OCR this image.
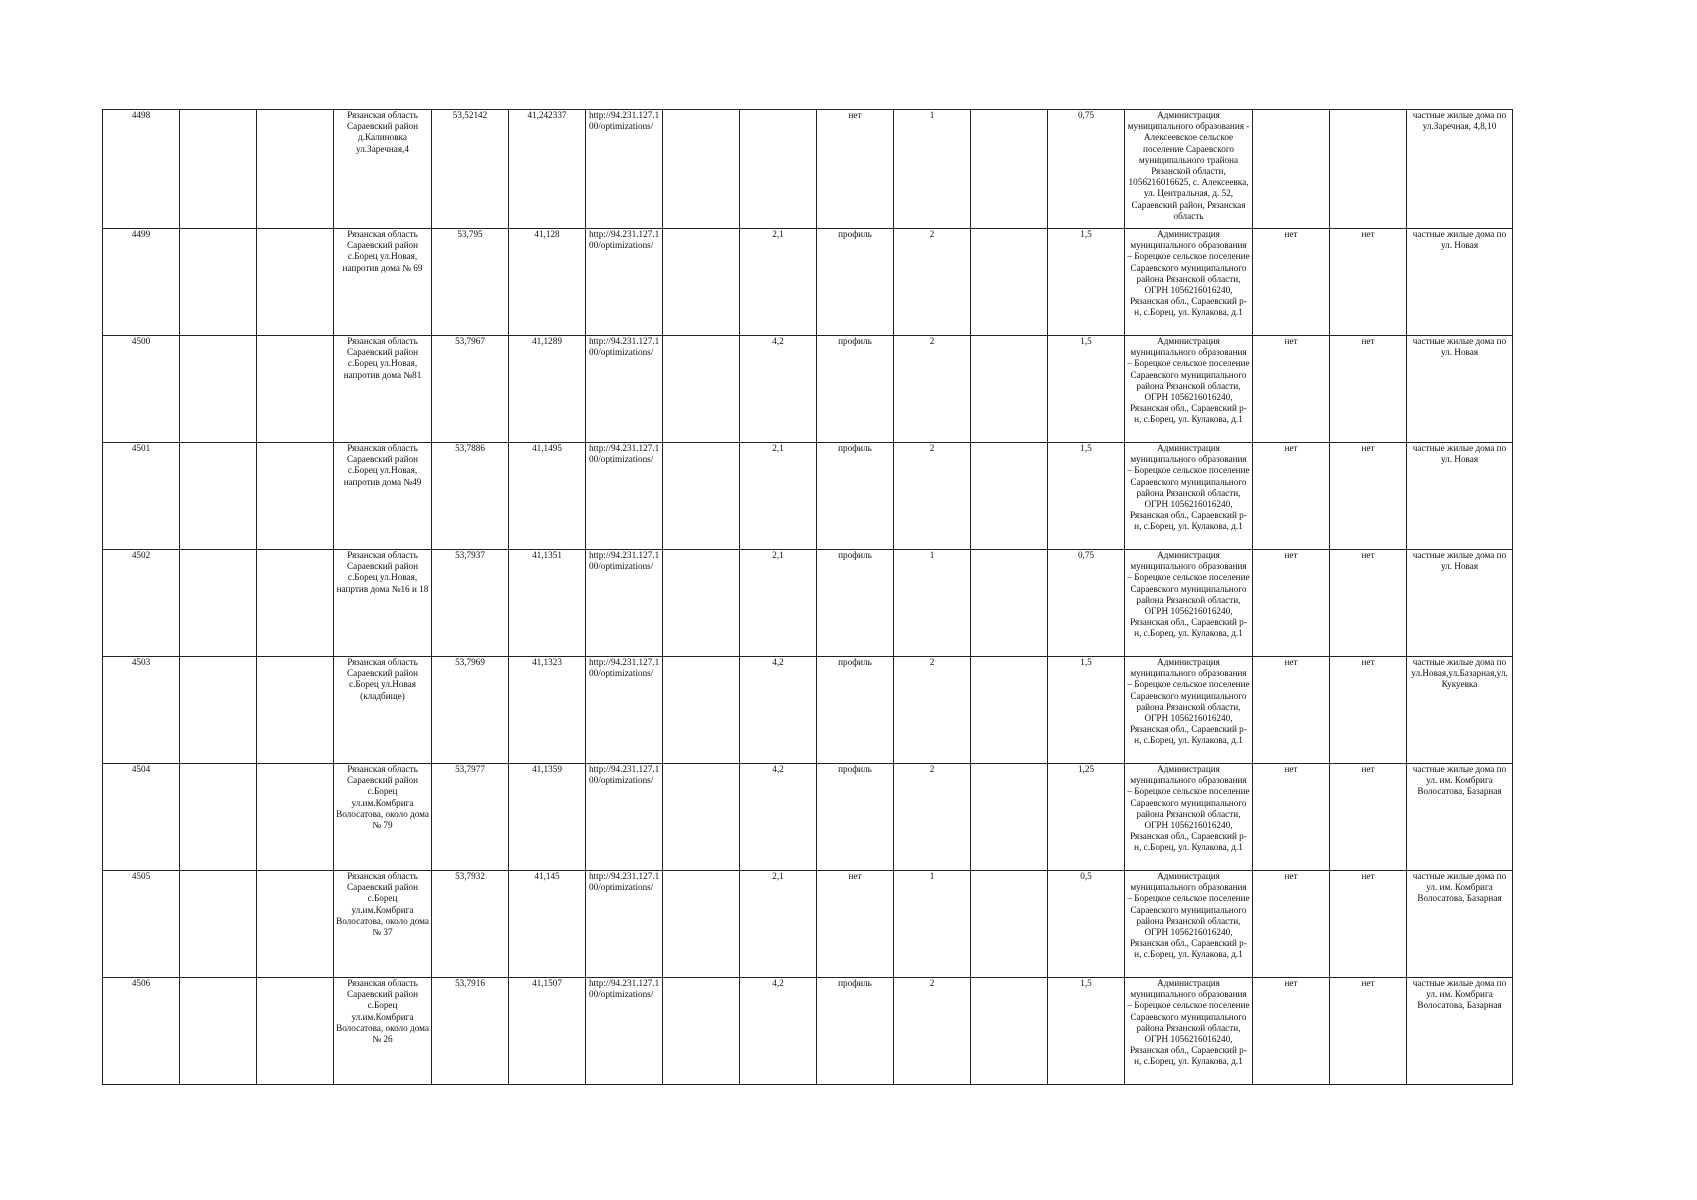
4498			Рязанская область Сараевский район д.Калиновка ул.Заречная,4	53,52142	41,242337	http://94.231.127.100/optimizations/			нет	1		0,75	Администрация муниципального образования - Алексеевское сельское поселение Сараевского муниципального трайона Рязанской области, 1056216016625, с. Алексеевка, ул. Центральная, д. 52, Сараевский район, Рязанская область			частные жилые дома по ул.Заречная, 4,8,10
4499			Рязанская область Сараевский район с.Борец ул.Новая, напротив дома № 69	53,795	41,128	http://94.231.127.100/optimizations/		2,1	профиль	2		1,5	Администрация муниципального образования – Борецкое сельское поселение Сараевского муниципального района Рязанской области, ОГРН 1056216016240, Рязанская обл., Сараевский р-н, с.Борец, ул. Кулакова, д.1	нет	нет	частные жилые дома по ул. Новая
4500			Рязанская область Сараевский район с.Борец ул.Новая, напротив дома №81	53,7967	41,1289	http://94.231.127.100/optimizations/		4,2	профиль	2		1,5	Администрация муниципального образования – Борецкое сельское поселение Сараевского муниципального района Рязанской области, ОГРН 1056216016240, Рязанская обл., Сараевский р-н, с.Борец, ул. Кулакова, д.1	нет	нет	частные жилые дома по ул. Новая
4501			Рязанская область Сараевский район с.Борец ул.Новая, напротив дома №49	53,7886	41,1495	http://94.231.127.100/optimizations/		2,1	профиль	2		1,5	Администрация муниципального образования – Борецкое сельское поселение Сараевского муниципального района Рязанской области, ОГРН 1056216016240, Рязанская обл., Сараевский р-н, с.Борец, ул. Кулакова, д.1	нет	нет	частные жилые дома по ул. Новая
4502			Рязанская область Сараевский район с.Борец ул.Новая, напртив дома №16 и 18	53,7937	41,1351	http://94.231.127.100/optimizations/		2,1	профиль	1		0,75	Администрация муниципального образования – Борецкое сельское поселение Сараевского муниципального района Рязанской области, ОГРН 1056216016240, Рязанская обл., Сараевский р-н, с.Борец, ул. Кулакова, д.1	нет	нет	частные жилые дома по ул. Новая
4503			Рязанская область Сараевский район с.Борец ул.Новая (кладбище)	53,7969	41,1323	http://94.231.127.100/optimizations/		4,2	профиль	2		1,5	Администрация муниципального образования – Борецкое сельское поселение Сараевского муниципального района Рязанской области, ОГРН 1056216016240, Рязанская обл., Сараевский р-н, с.Борец, ул. Кулакова, д.1	нет	нет	частные жилые дома по ул.Новая,ул.Базарная,ул. Кукуевка
4504			Рязанская область Сараевский район с.Борец ул.им.Комбрига Волосатова, около дома № 79	53,7977	41,1359	http://94.231.127.100/optimizations/		4,2	профиль	2		1,25	Администрация муниципального образования – Борецкое сельское поселение Сараевского муниципального района Рязанской области, ОГРН 1056216016240, Рязанская обл., Сараевский р-н, с.Борец, ул. Кулакова, д.1	нет	нет	частные жилые дома по ул. им. Комбрига Волосатова, Базарная
4505			Рязанская область Сараевский район с.Борец ул.им.Комбрига Волосатова, около дома № 37	53,7932	41,145	http://94.231.127.100/optimizations/		2,1	нет	1		0,5	Администрация муниципального образования – Борецкое сельское поселение Сараевского муниципального района Рязанской области, ОГРН 1056216016240, Рязанская обл., Сараевский р-н, с.Борец, ул. Кулакова, д.1	нет	нет	частные жилые дома по ул. им. Комбрига Волосатова, Базарная
4506			Рязанская область Сараевский район с.Борец ул.им.Комбрига Волосатова, около дома № 26	53,7916	41,1507	http://94.231.127.100/optimizations/		4,2	профиль	2		1,5	Администрация муниципального образования – Борецкое сельское поселение Сараевского муниципального района Рязанской области, ОГРН 1056216016240, Рязанская обл., Сараевский р-н, с.Борец, ул. Кулакова, д.1	нет	нет	частные жилые дома по ул. им. Комбрига Волосатова, Базарная
